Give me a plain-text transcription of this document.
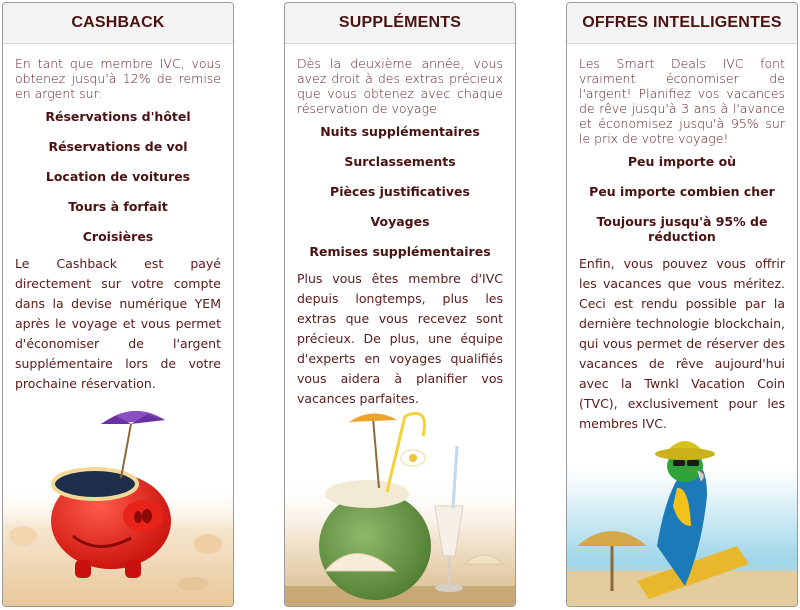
CASHBACK

En tant que membre IVC, vous obtenez jusqu'à 12% de remise en argent sur:

Réservations d'hôtel

Réservations de vol

Location de voitures

Tours à forfait

Croisières

Le Cashback est payé directement sur votre compte dans la devise numérique YEM après le voyage et vous permet d'économiser de l'argent supplémentaire lors de votre prochaine réservation.

SUPPLÉMENTS

Dès la deuxième année, vous avez droit à des extras précieux que vous obtenez avec chaque réservation de voyage

Nuits supplémentaires

Surclassements

Pièces justificatives

Voyages

Remises supplémentaires

Plus vous êtes membre d'IVC depuis longtemps, plus les extras que vous recevez sont précieux. De plus, une équipe d'experts en voyages qualifiés vous aidera à planifier vos vacances parfaites.

OFFRES INTELLIGENTES

Les Smart Deals IVC font vraiment économiser de l'argent! Planifiez vos vacances de rêve jusqu'à 3 ans à l'avance et économisez jusqu'à 95% sur le prix de votre voyage!

Peu importe où

Peu importe combien cher

Toujours jusqu'à 95% de réduction

Enfin, vous pouvez vous offrir les vacances que vous méritez. Ceci est rendu possible par la dernière technologie blockchain, qui vous permet de réserver des vacances de rêve aujourd'hui avec la Twnkl Vacation Coin (TVC), exclusivement pour les membres IVC.
